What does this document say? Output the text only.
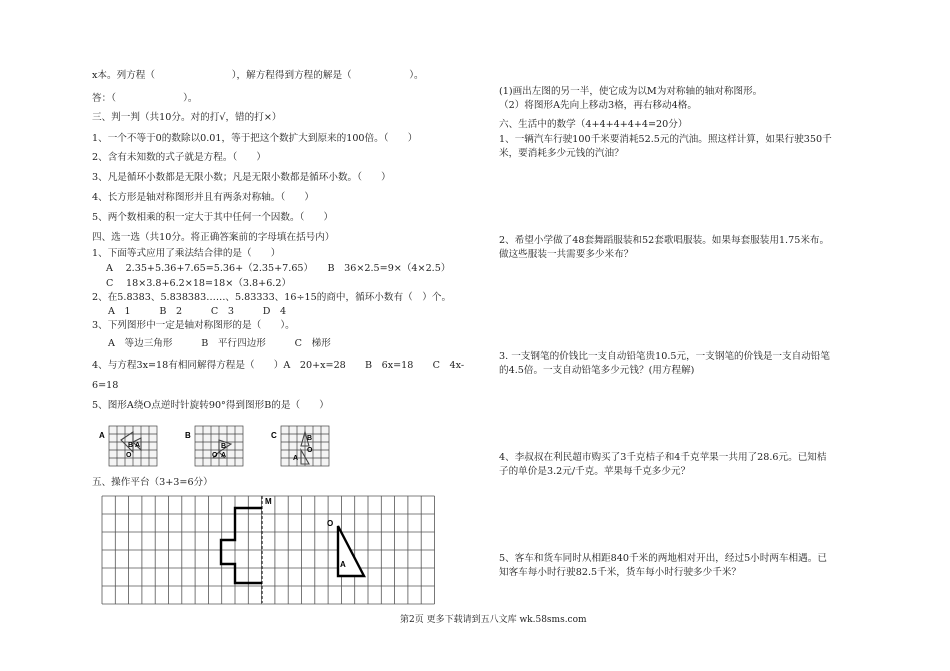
x本。列方程（　　　　　　　　），解方程得到方程的解是（　　　　　　）。
答：（　　　　　　　）。
三、判一判（共10分。对的打√，错的打×）
1、一个不等于0的数除以0.01，等于把这个数扩大到原来的100倍。（　　）
2、含有未知数的式子就是方程。（　　）
3、凡是循环小数都是无限小数；凡是无限小数都是循环小数。（　　）
4、长方形是轴对称图形并且有两条对称轴。（　　）
5、两个数相乘的积一定大于其中任何一个因数。（　　）
四、选一选（共10分。将正确答案前的字母填在括号内）
1、下面等式应用了乘法结合律的是（　　）
A　 2.35+5.36+7.65=5.36+（2.35+7.65）　　B　36×2.5=9×（4×2.5）
C　 18×3.8+6.2×18=18×（3.8+6.2）
2、在5.8383、5.838383……、5.83333、16÷15的商中，循环小数有（　）个。
A　1　　　B　2　　　C　3　　　D　4
3、下列图形中一定是轴对称图形的是（　　）。
A　等边三角形　　　B　平行四边形　　　C　梯形
4、与方程3x=18有相同解得方程是（　　）A　20+x=28　　B　6x=18　　C　4x-
6=18
5、图形A绕O点逆时针旋转90°得到图形B的是（　　）
A
A
B
O
B
O A
B
C	B
O
A
五、操作平台（3+3=6分）
M
O
A
(1)画出左图的另一半，使它成为以M为对称轴的轴对称图形。
（2）将图形A先向上移动3格，再右移动4格。
六、生活中的数学（4+4+4+4+4=20分）
1、一辆汽车行驶100千米要消耗52.5元的汽油。照这样计算，如果行驶350千
米，要消耗多少元钱的汽油？
2、希望小学做了48套舞蹈服装和52套歌唱服装。如果每套服装用1.75米布。
做这些服装一共需要多少米布？
3. 一支钢笔的价钱比一支自动铅笔贵10.5元，一支钢笔的价钱是一支自动铅笔
的4.5倍。一支自动铅笔多少元钱？(用方程解)
4、李叔叔在利民超市购买了3千克桔子和4千克苹果一共用了28.6元。已知桔
子的单价是3.2元/千克。苹果每千克多少元？
5、客车和货车同时从相距840千米的两地相对开出，经过5小时两车相遇。已
知客车每小时行驶82.5千米，货车每小时行驶多少千米？
第2页 更多下载请到五八文库 wk.58sms.com
